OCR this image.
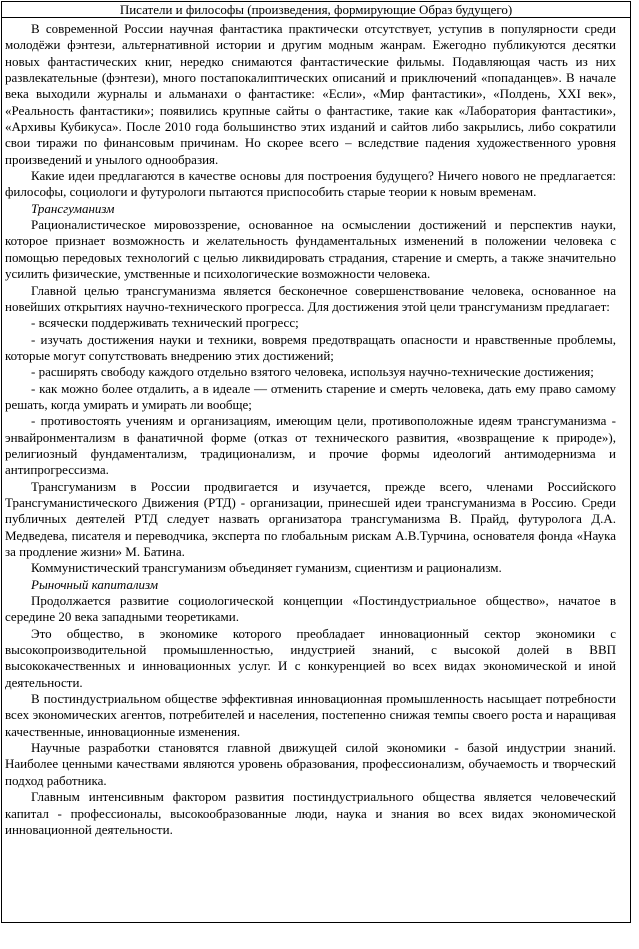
Писатели и философы (произведения, формирующие Образ будущего)

В современной России научная фантастика практически отсутствует, уступив в популярности среди молодёжи фэнтези, альтернативной истории и другим модным жанрам. Ежегодно публикуются десятки новых фантастических книг, нередко снимаются фантастические фильмы. Подавляющая часть из них развлекательные (фэнтези), много постапокалиптических описаний и приключений «попаданцев». В начале века выходили журналы и альманахи о фантастике: «Если», «Мир фантастики», «Полдень, XXI век», «Реальность фантастики»; появились крупные сайты о фантастике, такие как «Лаборатория фантастики», «Архивы Кубикуса». После 2010 года большинство этих изданий и сайтов либо закрылись, либо сократили свои тиражи по финансовым причинам. Но скорее всего – вследствие падения художественного уровня произведений и унылого однообразия.

Какие идеи предлагаются в качестве основы для построения будущего? Ничего нового не предлагается: философы, социологи и футурологи пытаются приспособить старые теории к новым временам.

Трансгуманизм

Рационалистическое мировоззрение, основанное на осмыслении достижений и перспектив науки, которое признает возможность и желательность фундаментальных изменений в положении человека с помощью передовых технологий с целью ликвидировать страдания, старение и смерть, а также значительно усилить физические, умственные и психологические возможности человека.

Главной целью трансгуманизма является бесконечное совершенствование человека, основанное на новейших открытиях научно-технического прогресса. Для достижения этой цели трансгуманизм предлагает:

- всячески поддерживать технический прогресс;

- изучать достижения науки и техники, вовремя предотвращать опасности и нравственные проблемы, которые могут сопутствовать внедрению этих достижений;

- расширять свободу каждого отдельно взятого человека, используя научно-технические достижения;

- как можно более отдалить, а в идеале — отменить старение и смерть человека, дать ему право самому решать, когда умирать и умирать ли вообще;

- противостоять учениям и организациям, имеющим цели, противоположные идеям трансгуманизма - энвайронментализм в фанатичной форме (отказ от технического развития, «возвращение к природе»), религиозный фундаментализм, традиционализм, и прочие формы идеологий антимодернизма и антипрогрессизма.

Трансгуманизм в России продвигается и изучается, прежде всего, членами Российского Трансгуманистического Движения (РТД) - организации, принесшей идеи трансгуманизма в Россию. Среди публичных деятелей РТД следует назвать организатора трансгуманизма В. Прайд, футуролога Д.А. Медведева, писателя и переводчика, эксперта по глобальным рискам А.В.Турчина, основателя фонда «Наука за продление жизни» М. Батина.

Коммунистический трансгуманизм объединяет гуманизм, сциентизм и рационализм.

Рыночный капитализм

Продолжается развитие социологической концепции «Постиндустриальное общество», начатое в середине 20 века западными теоретиками.

Это общество, в экономике которого преобладает инновационный сектор экономики с высокопроизводительной промышленностью, индустрией знаний, с высокой долей в ВВП высококачественных и инновационных услуг. И с конкуренцией во всех видах экономической и иной деятельности.

В постиндустриальном обществе эффективная инновационная промышленность насыщает потребности всех экономических агентов, потребителей и населения, постепенно снижая темпы своего роста и наращивая качественные, инновационные изменения.

Научные разработки становятся главной движущей силой экономики - базой индустрии знаний. Наиболее ценными качествами являются уровень образования, профессионализм, обучаемость и творческий подход работника.

Главным интенсивным фактором развития постиндустриального общества является человеческий капитал - профессионалы, высокообразованные люди, наука и знания во всех видах экономической инновационной деятельности.
